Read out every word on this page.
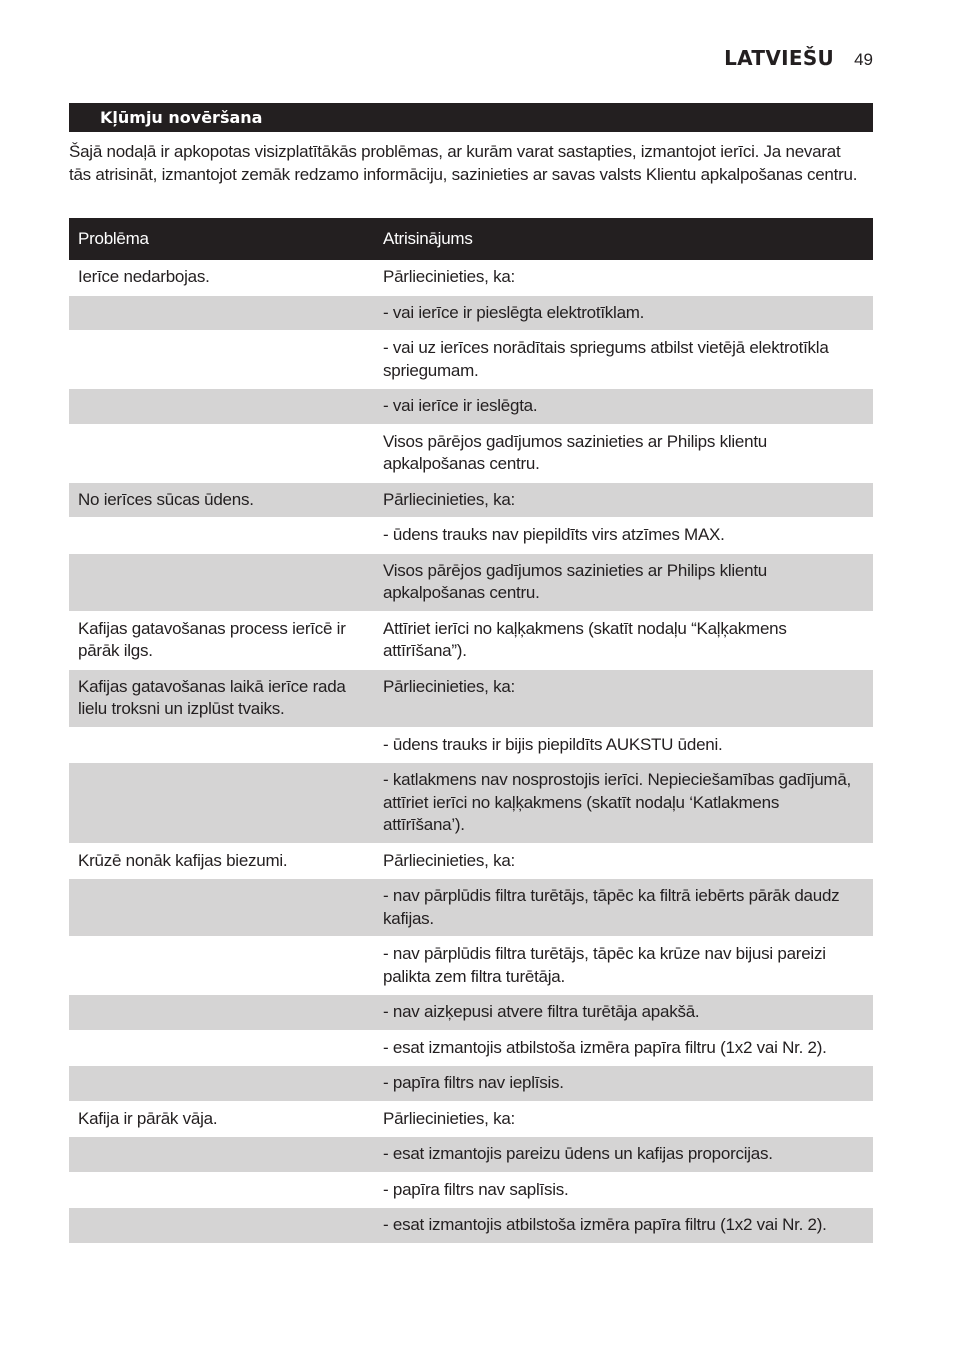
LATVIEŠU 49
Kļūmju novēršana

Šajā nodaļā ir apkopotas visizplatītākās problēmas, ar kurām varat sastapties, izmantojot ierīci. Ja nevarat tās atrisināt, izmantojot zemāk redzamo informāciju, sazinieties ar savas valsts Klientu apkalpošanas centru.

Problēma	Atrisinājums
Ierīce nedarbojas.	Pārliecinieties, ka:
	- vai ierīce ir pieslēgta elektrotīklam.
	- vai uz ierīces norādītais spriegums atbilst vietējā elektrotīkla spriegumam.
	- vai ierīce ir ieslēgta.
	Visos pārējos gadījumos sazinieties ar Philips klientu apkalpošanas centru.
No ierīces sūcas ūdens.	Pārliecinieties, ka:
	- ūdens trauks nav piepildīts virs atzīmes MAX.
	Visos pārējos gadījumos sazinieties ar Philips klientu apkalpošanas centru.
Kafijas gatavošanas process ierīcē ir pārāk ilgs.	Attīriet ierīci no kaļķakmens (skatīt nodaļu “Kaļķakmens attīrīšana”).
Kafijas gatavošanas laikā ierīce rada lielu troksni un izplūst tvaiks.	Pārliecinieties, ka:
	- ūdens trauks ir bijis piepildīts AUKSTU ūdeni.
	- katlakmens nav nosprostojis ierīci. Nepieciešamības gadījumā, attīriet ierīci no kaļķakmens (skatīt nodaļu ‘Katlakmens attīrīšana’).
Krūzē nonāk kafijas biezumi.	Pārliecinieties, ka:
	- nav pārplūdis filtra turētājs, tāpēc ka filtrā iebērts pārāk daudz kafijas.
	- nav pārplūdis filtra turētājs, tāpēc ka krūze nav bijusi pareizi palikta zem filtra turētāja.
	- nav aizķepusi atvere filtra turētāja apakšā.
	- esat izmantojis atbilstoša izmēra papīra filtru (1x2 vai Nr. 2).
	- papīra filtrs nav ieplīsis.
Kafija ir pārāk vāja.	Pārliecinieties, ka:
	- esat izmantojis pareizu ūdens un kafijas proporcijas.
	- papīra filtrs nav saplīsis.
	- esat izmantojis atbilstoša izmēra papīra filtru (1x2 vai Nr. 2).
